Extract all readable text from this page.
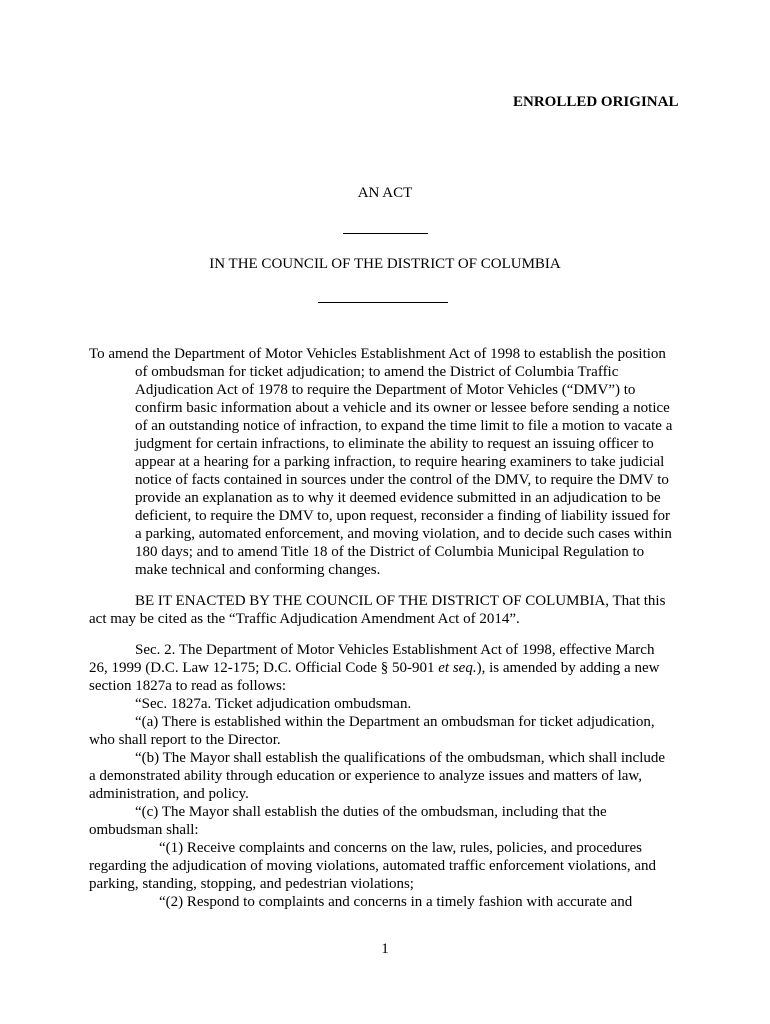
ENROLLED ORIGINAL
AN ACT
IN THE COUNCIL OF THE DISTRICT OF COLUMBIA
To amend the Department of Motor Vehicles Establishment Act of 1998 to establish the position
of ombudsman for ticket adjudication; to amend the District of Columbia Traffic
Adjudication Act of 1978 to require the Department of Motor Vehicles (“DMV”) to
confirm basic information about a vehicle and its owner or lessee before sending a notice
of an outstanding notice of infraction, to expand the time limit to file a motion to vacate a
judgment for certain infractions, to eliminate the ability to request an issuing officer to
appear at a hearing for a parking infraction, to require hearing examiners to take judicial
notice of facts contained in sources under the control of the DMV, to require the DMV to
provide an explanation as to why it deemed evidence submitted in an adjudication to be
deficient, to require the DMV to, upon request, reconsider a finding of liability issued for
a parking, automated enforcement, and moving violation, and to decide such cases within
180 days; and to amend Title 18 of the District of Columbia Municipal Regulation to
make technical and conforming changes.
BE IT ENACTED BY THE COUNCIL OF THE DISTRICT OF COLUMBIA, That this
act may be cited as the “Traffic Adjudication Amendment Act of 2014”.
Sec. 2. The Department of Motor Vehicles Establishment Act of 1998, effective March
26, 1999 (D.C. Law 12-175; D.C. Official Code § 50-901 et seq.), is amended by adding a new
section 1827a to read as follows:
“Sec. 1827a. Ticket adjudication ombudsman.
“(a) There is established within the Department an ombudsman for ticket adjudication,
who shall report to the Director.
“(b) The Mayor shall establish the qualifications of the ombudsman, which shall include
a demonstrated ability through education or experience to analyze issues and matters of law,
administration, and policy.
“(c) The Mayor shall establish the duties of the ombudsman, including that the
ombudsman shall:
“(1) Receive complaints and concerns on the law, rules, policies, and procedures
regarding the adjudication of moving violations, automated traffic enforcement violations, and
parking, standing, stopping, and pedestrian violations;
“(2) Respond to complaints and concerns in a timely fashion with accurate and
1
